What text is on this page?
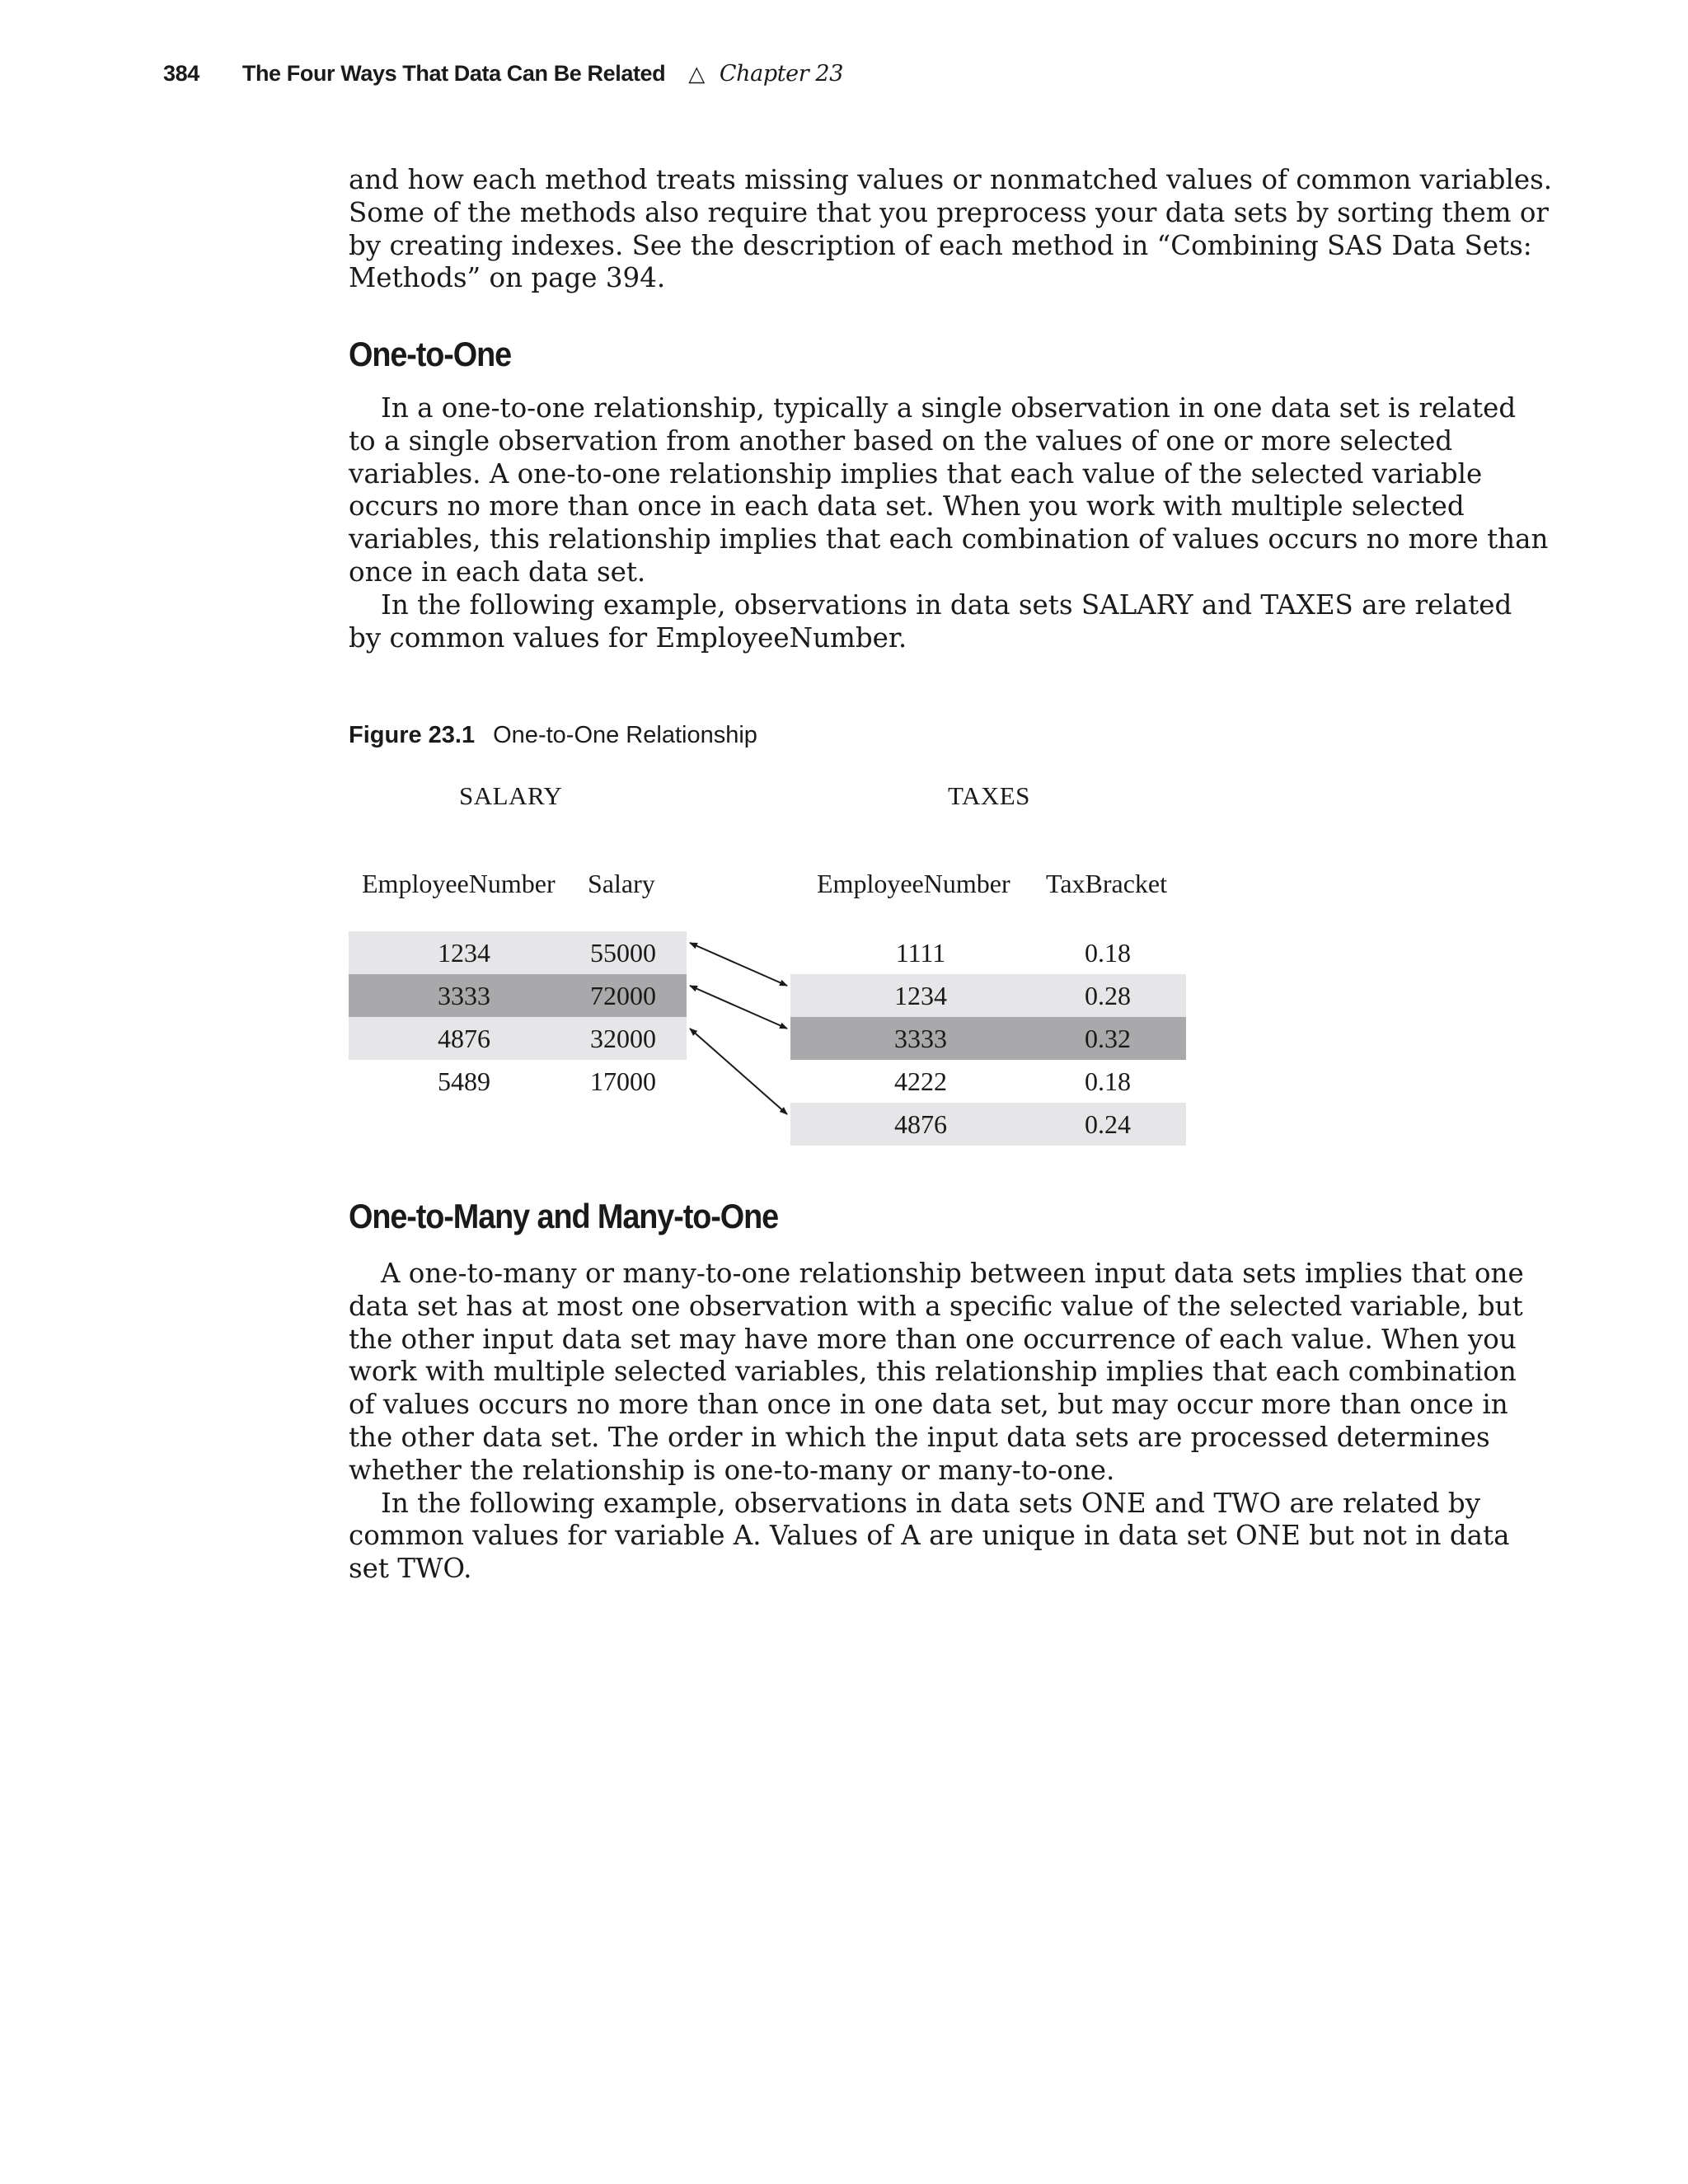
384 The Four Ways That Data Can Be Related △ Chapter 23

and how each method treats missing values or nonmatched values of common variables.
Some of the methods also require that you preprocess your data sets by sorting them or
by creating indexes. See the description of each method in “Combining SAS Data Sets:
Methods” on page 394.

One-to-One

In a one-to-one relationship, typically a single observation in one data set is related
to a single observation from another based on the values of one or more selected
variables. A one-to-one relationship implies that each value of the selected variable
occurs no more than once in each data set. When you work with multiple selected
variables, this relationship implies that each combination of values occurs no more than
once in each data set.

In the following example, observations in data sets SALARY and TAXES are related
by common values for EmployeeNumber.

Figure 23.1 One-to-One Relationship
SALARY	TAXES
EmployeeNumber Salary	EmployeeNumber TaxBracket
1234	55000
3333	72000
4876	32000
5489	17000
1111	0.18
1234	0.28
3333	0.32
4222	0.18
4876	0.24
One-to-Many and Many-to-One

A one-to-many or many-to-one relationship between input data sets implies that one
data set has at most one observation with a specific value of the selected variable, but
the other input data set may have more than one occurrence of each value. When you
work with multiple selected variables, this relationship implies that each combination
of values occurs no more than once in one data set, but may occur more than once in
the other data set. The order in which the input data sets are processed determines
whether the relationship is one-to-many or many-to-one.

In the following example, observations in data sets ONE and TWO are related by
common values for variable A. Values of A are unique in data set ONE but not in data
set TWO.
